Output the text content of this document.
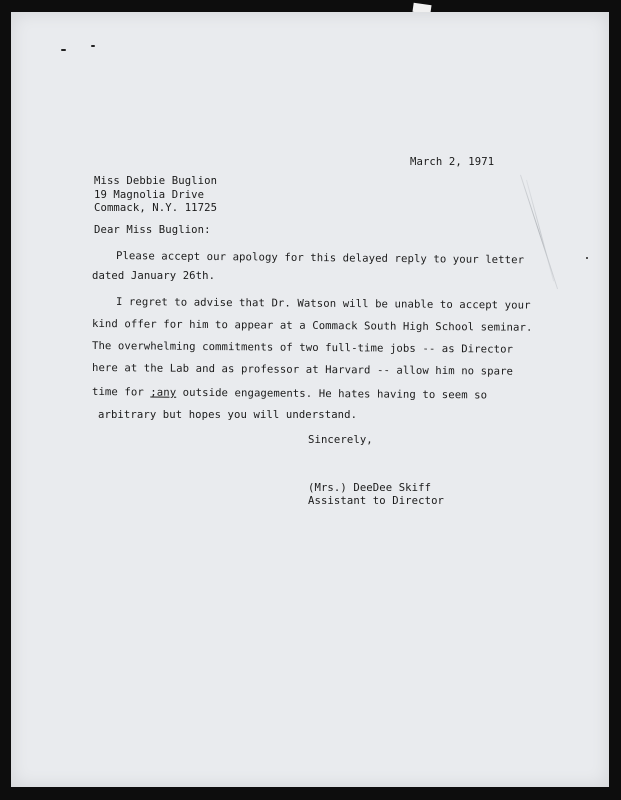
March 2, 1971
Miss Debbie Buglion
19 Magnolia Drive
Commack, N.Y. 11725
Dear Miss Buglion:
Please accept our apology for this delayed reply to your letter
dated January 26th.
I regret to advise that Dr. Watson will be unable to accept your
kind offer for him to appear at a Commack South High School seminar.
The overwhelming commitments of two full-time jobs -- as Director
here at the Lab and as professor at Harvard -- allow him no spare
time for ;any outside engagements. He hates having to seem so
arbitrary but hopes you will understand.
Sincerely,
(Mrs.) DeeDee Skiff
Assistant to Director
